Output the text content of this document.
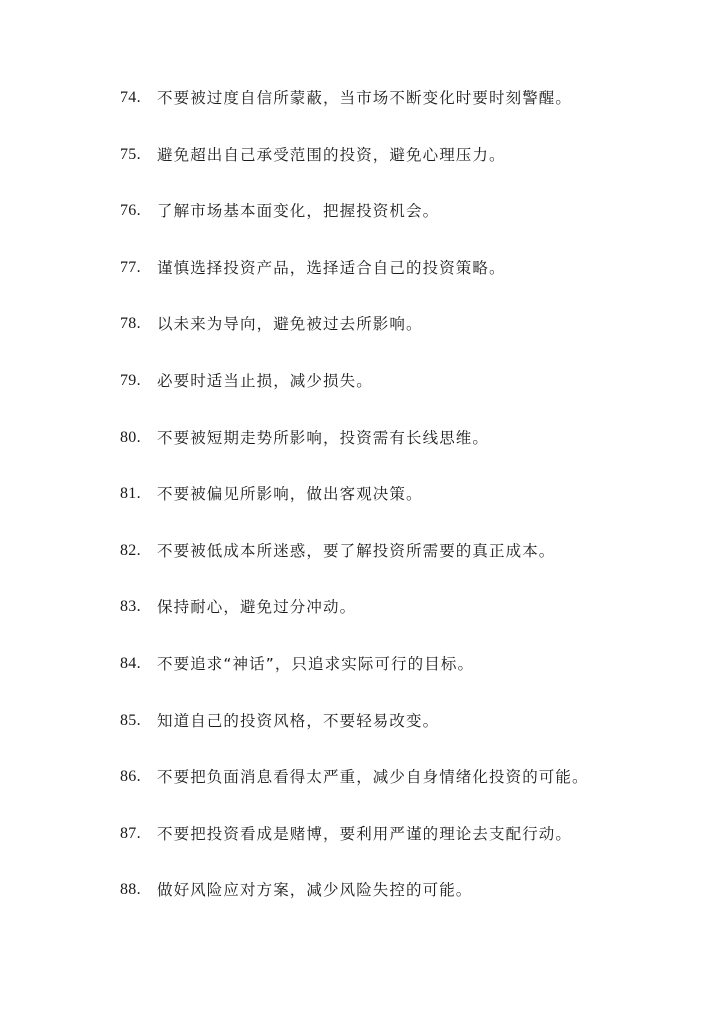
74.	不要被过度自信所蒙蔽，当市场不断变化时要时刻警醒。
75.	避免超出自己承受范围的投资，避免心理压力。
76.	了解市场基本面变化，把握投资机会。
77.	谨慎选择投资产品，选择适合自己的投资策略。
78.	以未来为导向，避免被过去所影响。
79.	必要时适当止损，减少损失。
80.	不要被短期走势所影响，投资需有长线思维。
81.	不要被偏见所影响，做出客观决策。
82.	不要被低成本所迷惑，要了解投资所需要的真正成本。
83.	保持耐心，避免过分冲动。
84.	不要追求“神话”，只追求实际可行的目标。
85.	知道自己的投资风格，不要轻易改变。
86.	不要把负面消息看得太严重，减少自身情绪化投资的可能。
87.	不要把投资看成是赌博，要利用严谨的理论去支配行动。
88.	做好风险应对方案，减少风险失控的可能。
